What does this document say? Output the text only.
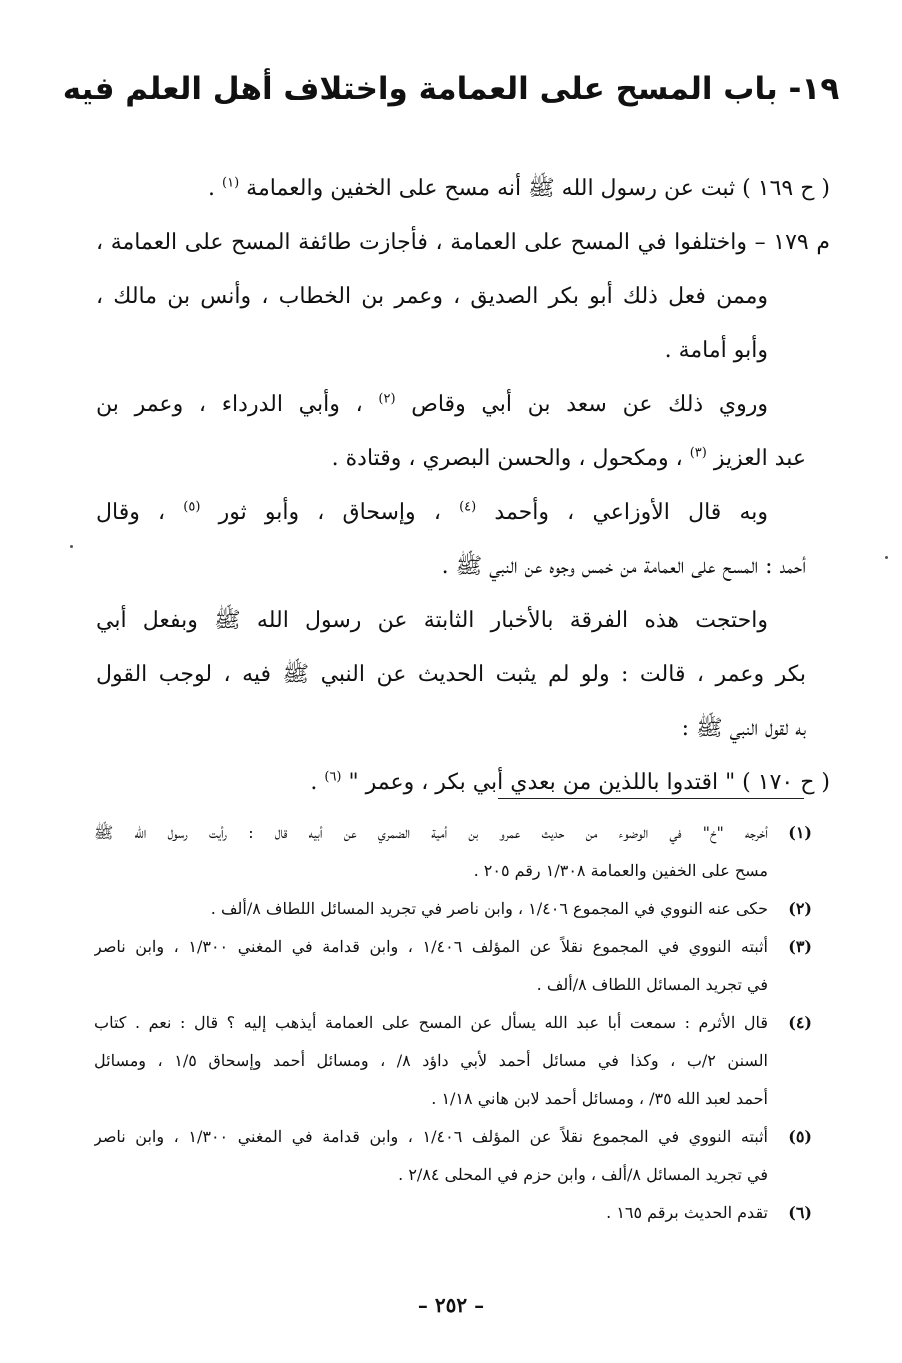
١٩- باب المسح على العمامة واختلاف أهل العلم فيه
( ح ١٦٩ ) ثبت عن رسول الله ﷺ أنه مسح على الخفين والعمامة $^{(١)}$ .
م ١٧٩ – واختلفوا في المسح على العمامة ، فأجازت طائفة المسح على العمامة ،
وممن فعل ذلك أبو بكر الصديق ، وعمر بن الخطاب ، وأنس بن مالك ،
وأبو أمامة .
وروي ذلك عن سعد بن أبي وقاص $^{(٢)}$ ، وأبي الدرداء ، وعمر بن
عبد العزيز $^{(٣)}$ ، ومكحول ، والحسن البصري ، وقتادة .
وبه قال الأوزاعي ، وأحمد $^{(٤)}$ ، وإسحاق ، وأبو ثور $^{(٥)}$ ، وقال
أحمد : المسح على العمامة من خمس وجوه عن النبي ﷺ .
واحتجت هذه الفرقة بالأخبار الثابتة عن رسول الله ﷺ وبفعل أبي
بكر وعمر ، قالت : ولو لم يثبت الحديث عن النبي ﷺ فيه ، لوجب القول
به لقول النبي ﷺ :
( ح ١٧٠ ) " اقتدوا باللذين من بعدي أبي بكر ، وعمر " $^{(٦)}$ .
(١)
أخرجه "خ" في الوضوء من حديث عمرو بن أمية الضمري عن أبيه قال : رأيت رسول الله ﷺ
مسح على الخفين والعمامة ١/٣٠٨ رقم ٢٠٥ .
(٢)
حكى عنه النووي في المجموع ١/٤٠٦ ، وابن ناصر في تجريد المسائل اللطاف ٨/ألف .
(٣)
أثبته النووي في المجموع نقلاً عن المؤلف ١/٤٠٦ ، وابن قدامة في المغني ١/٣٠٠ ، وابن ناصر
في تجريد المسائل اللطاف ٨/ألف .
(٤)
قال الأثرم : سمعت أبا عبد الله يسأل عن المسح على العمامة أيذهب إليه ؟ قال : نعم . كتاب
السنن ٢/ب ، وكذا في مسائل أحمد لأبي داؤد ٨/ ، ومسائل أحمد وإسحاق ١/٥ ، ومسائل
أحمد لعبد الله ٣٥/ ، ومسائل أحمد لابن هاني ١/١٨ .
(٥)
أثبته النووي في المجموع نقلاً عن المؤلف ١/٤٠٦ ، وابن قدامة في المغني ١/٣٠٠ ، وابن ناصر
في تجريد المسائل ٨/ألف ، وابن حزم في المحلى ٢/٨٤ .
(٦)
تقدم الحديث برقم ١٦٥ .
– ٢٥٢ –
